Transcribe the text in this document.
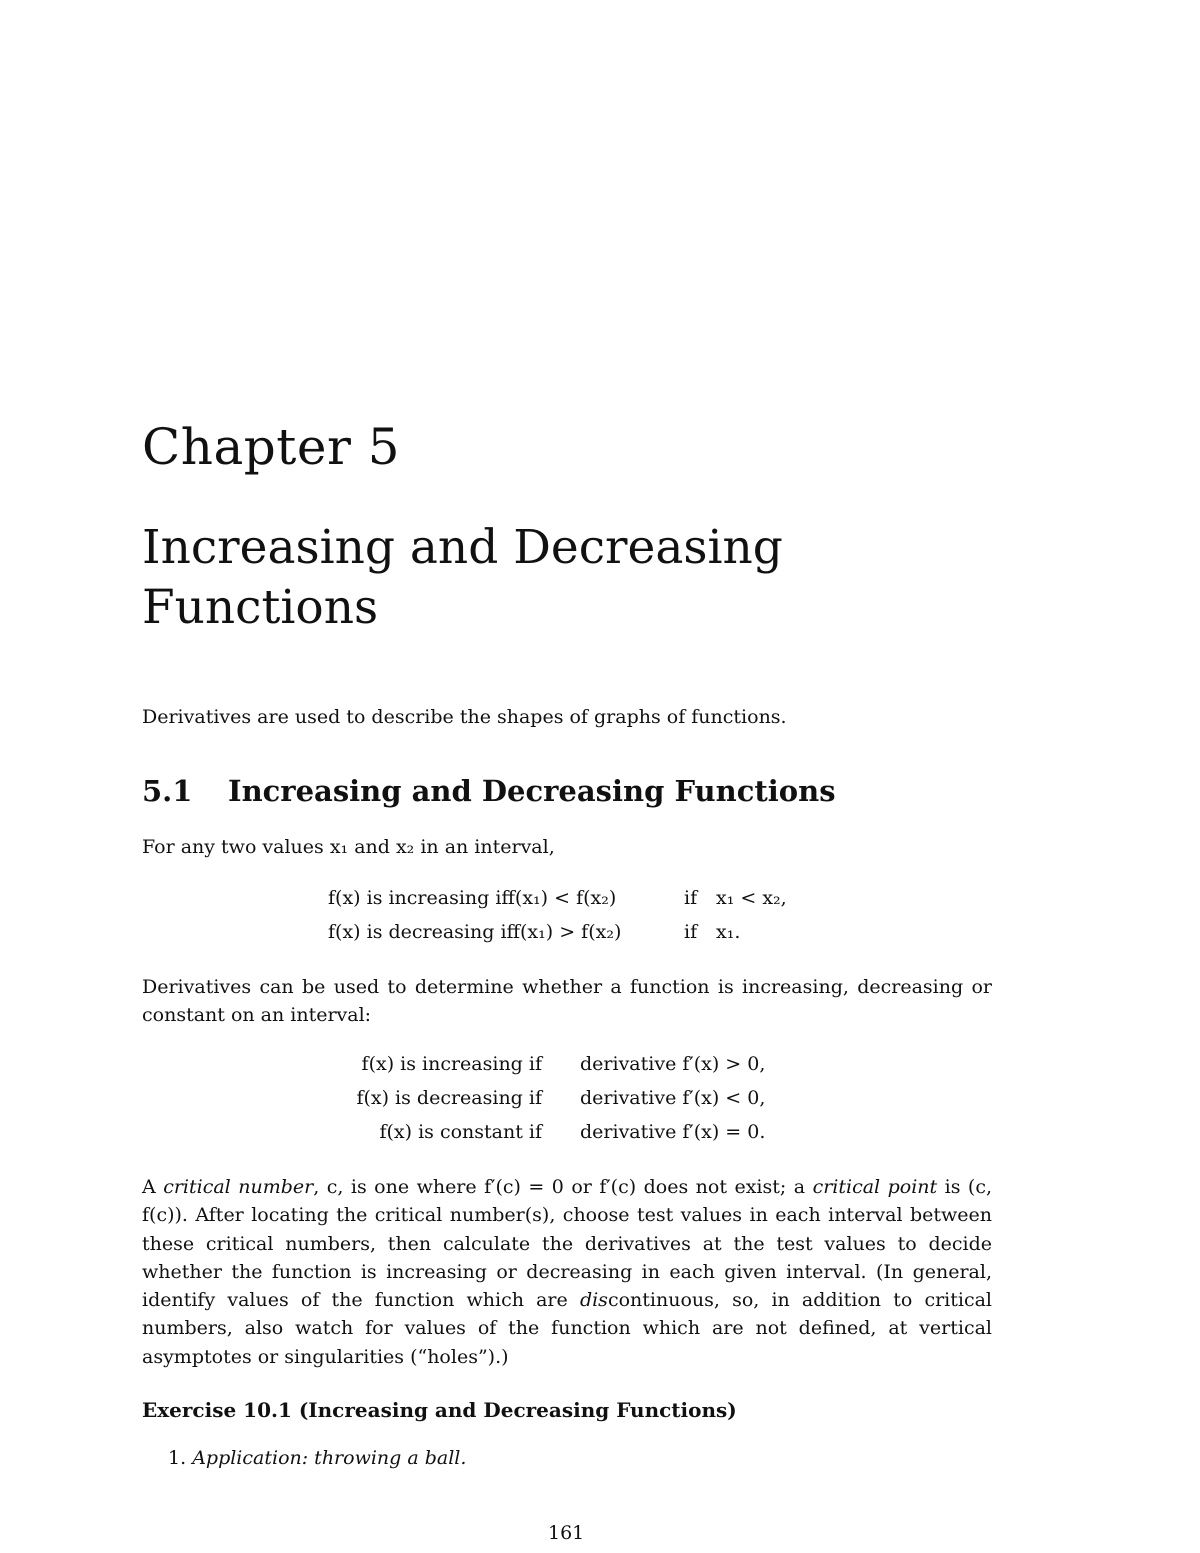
Chapter 5
Increasing and Decreasing Functions
Derivatives are used to describe the shapes of graphs of functions.
5.1 Increasing and Decreasing Functions
For any two values x₁ and x₂ in an interval,
f(x) is increasing iff(x₁) < f(x₂)	if x₁ < x₂,
f(x) is decreasing iff(x₁) > f(x₂)	if x₁.
Derivatives can be used to determine whether a function is increasing, decreasing or constant on an interval:
f(x) is increasing if derivative f′(x) > 0,
f(x) is decreasing if derivative f′(x) < 0,
f(x) is constant if derivative f′(x) = 0.
A critical number, c, is one where f′(c) = 0 or f′(c) does not exist; a critical point is (c, f(c)). After locating the critical number(s), choose test values in each interval between these critical numbers, then calculate the derivatives at the test values to decide whether the function is increasing or decreasing in each given interval. (In general, identify values of the function which are discontinuous, so, in addition to critical numbers, also watch for values of the function which are not defined, at vertical asymptotes or singularities (“holes”).)
Exercise 10.1 (Increasing and Decreasing Functions)
1. Application: throwing a ball.
161
